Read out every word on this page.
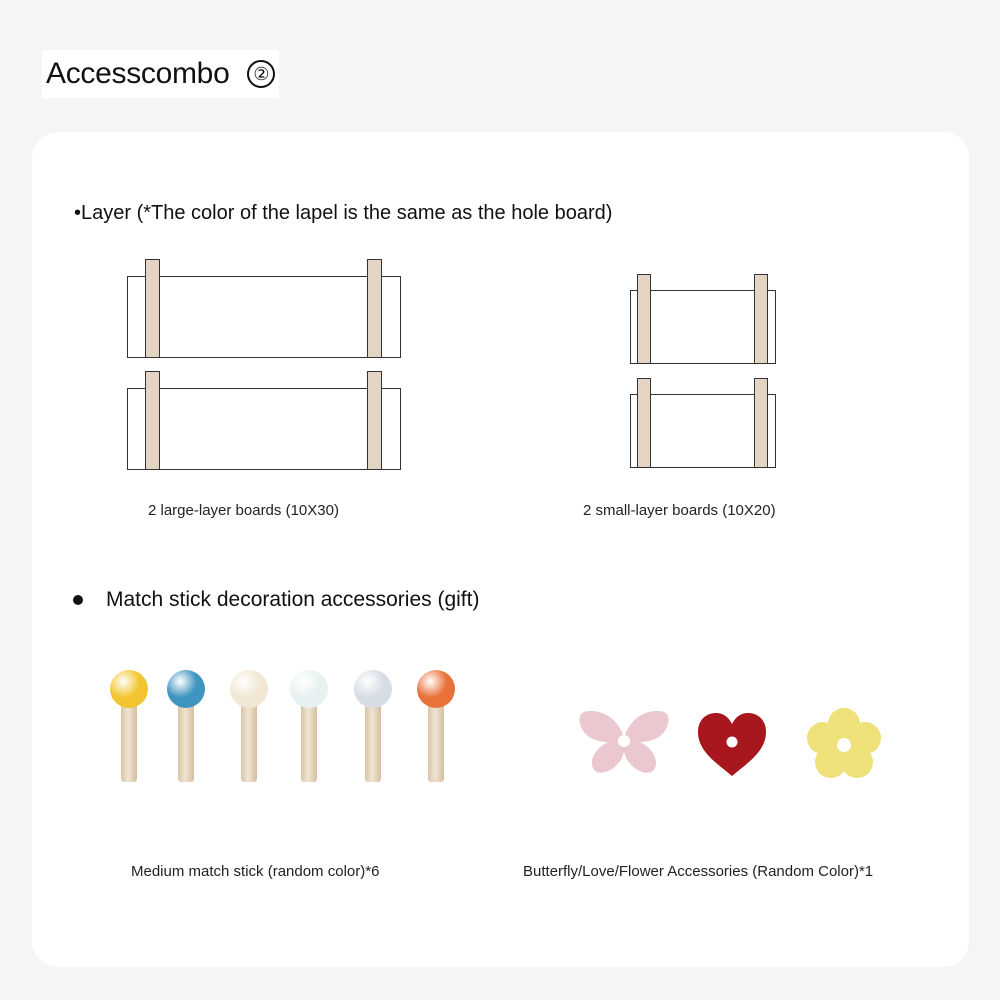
Access combo	②
•Layer (*The color of the lapel is the same as the hole board)
2 large-layer boards (10X30)	2 small-layer boards (10X20)
Match stick decoration accessories (gift)
Medium match stick (random color)*6	Butterfly/Love/Flower Accessories (Random Color)*1
